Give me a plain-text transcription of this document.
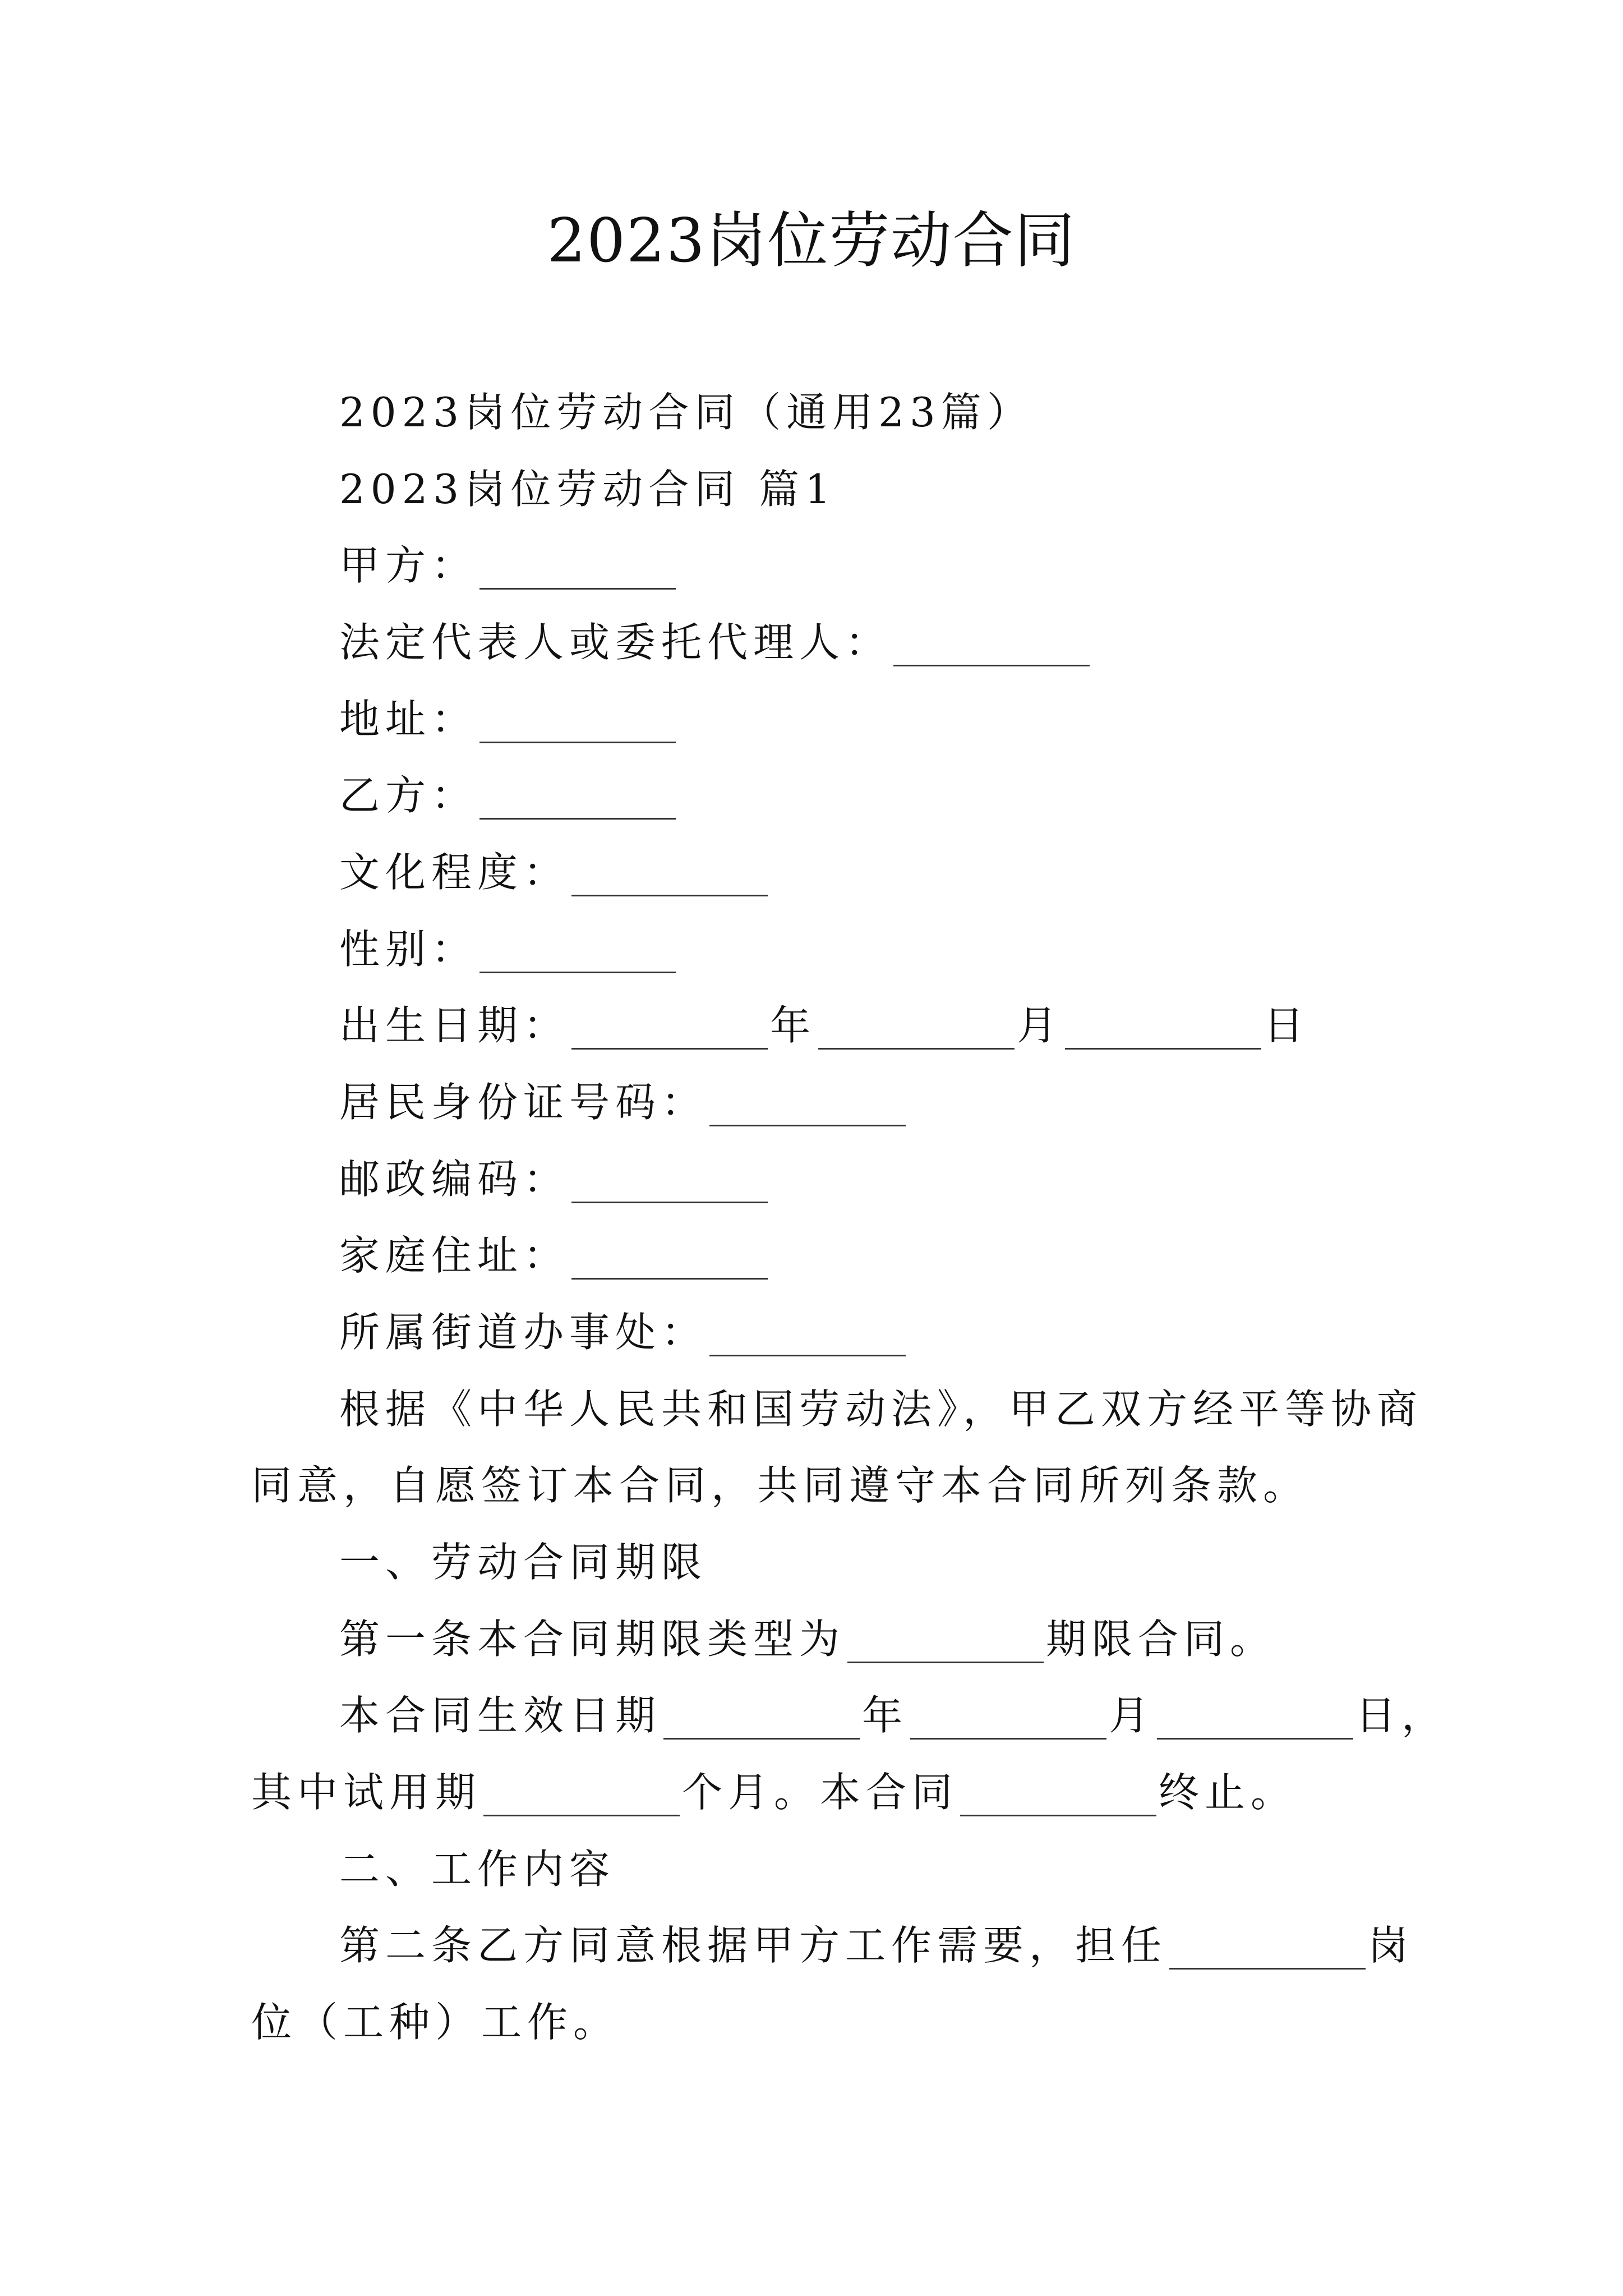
2023岗位劳动合同

2023岗位劳动合同（通用23篇）

2023岗位劳动合同 篇1

甲方：

法定代表人或委托代理人：

地址：

乙方：

文化程度：

性别：

出生日期：	年	月	日

居民身份证号码：

邮政编码：

家庭住址：

所属街道办事处：

根据《中华人民共和国劳动法》，甲乙双方经平等协商

同意，自愿签订本合同，共同遵守本合同所列条款。

一、劳动合同期限

第一条本合同期限类型为	期限合同。

本合同生效日期	年	月	日，

其中试用期	个月。本合同	终止。

二、工作内容

第二条乙方同意根据甲方工作需要，担任	岗

位（工种）工作。
